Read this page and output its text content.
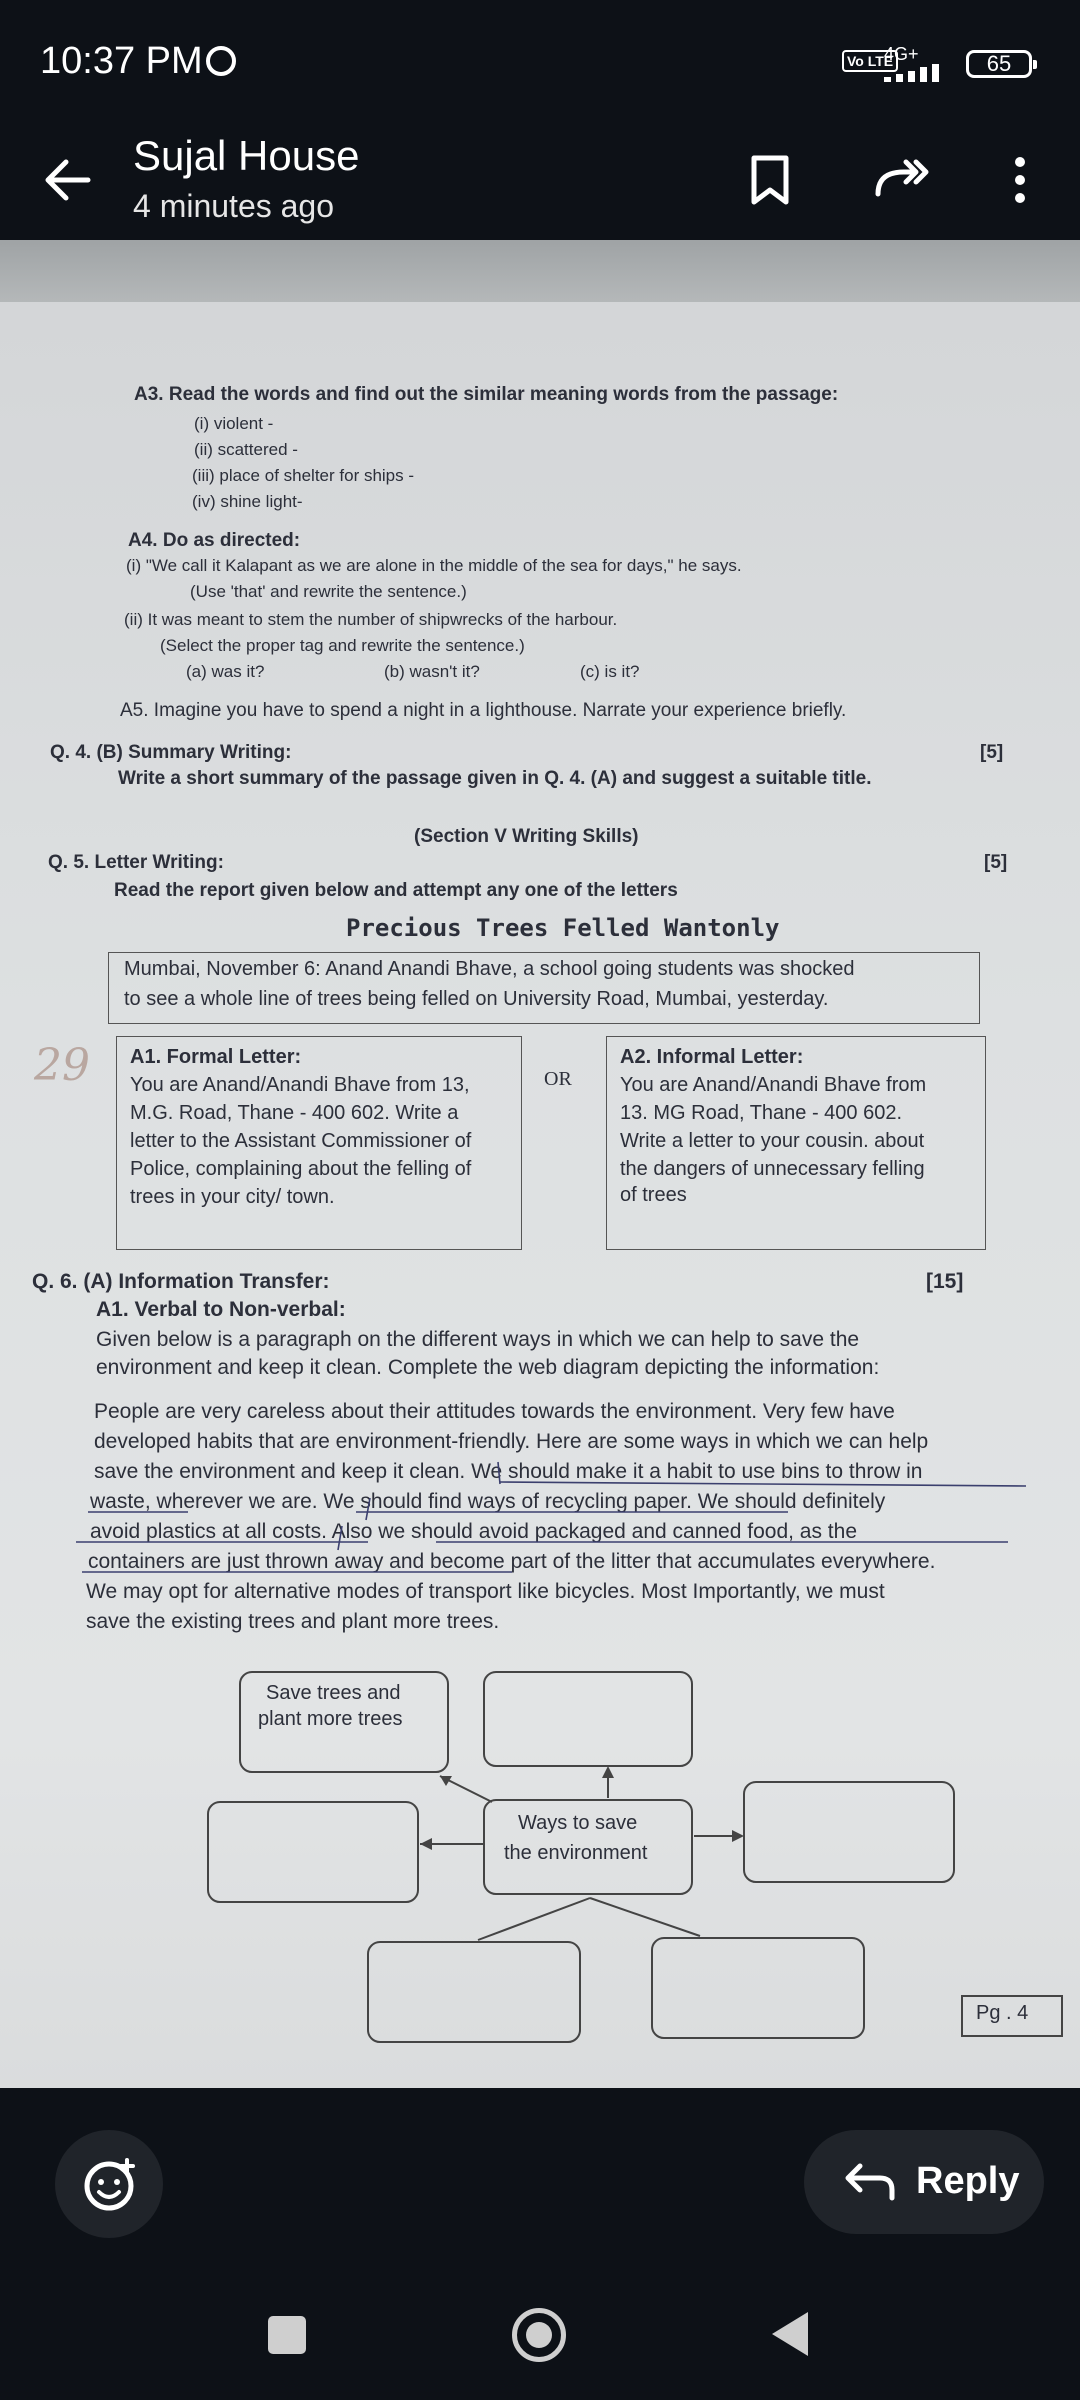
10:37 PM	Vo LTE
4G+	65
Sujal House
4 minutes ago
A3. Read the words and find out the similar meaning words from the passage:
(i) violent -
(ii) scattered -
(iii) place of shelter for ships -
(iv) shine light-
A4. Do as directed:
(i) "We call it Kalapant as we are alone in the middle of the sea for days," he says.
(Use 'that' and rewrite the sentence.)
(ii) It was meant to stem the number of shipwrecks of the harbour.
(Select the proper tag and rewrite the sentence.)
(a) was it?	(b) wasn't it?	(c) is it?
A5. Imagine you have to spend a night in a lighthouse. Narrate your experience briefly.
Q. 4. (B) Summary Writing:	[5]
Write a short summary of the passage given in Q. 4. (A) and suggest a suitable title.
(Section V Writing Skills)
Q. 5. Letter Writing:	[5]
Read the report given below and attempt any one of the letters
Precious Trees Felled Wantonly
Mumbai, November 6: Anand Anandi Bhave, a school going students was shocked
to see a whole line of trees being felled on University Road, Mumbai, yesterday.
29 A1. Formal Letter:
You are Anand/Anandi Bhave from 13,
M.G. Road, Thane - 400 602. Write a
letter to the Assistant Commissioner of
Police, complaining about the felling of
trees in your city/ town.
OR
A2. Informal Letter:
You are Anand/Anandi Bhave from
13. MG Road, Thane - 400 602.
Write a letter to your cousin. about
the dangers of unnecessary felling
of trees
Q. 6. (A) Information Transfer:	[15]
A1. Verbal to Non-verbal:
Given below is a paragraph on the different ways in which we can help to save the
environment and keep it clean. Complete the web diagram depicting the information:
People are very careless about their attitudes towards the environment. Very few have
developed habits that are environment-friendly. Here are some ways in which we can help
save the environment and keep it clean. We should make it a habit to use bins to throw in
waste, wherever we are. We should find ways of recycling paper. We should definitely
avoid plastics at all costs. Also we should avoid packaged and canned food, as the
containers are just thrown away and become part of the litter that accumulates everywhere.
We may opt for alternative modes of transport like bicycles. Most Importantly, we must
save the existing trees and plant more trees.
Save trees and
plant more trees
Ways to save
the environment
Pg . 4
Reply
